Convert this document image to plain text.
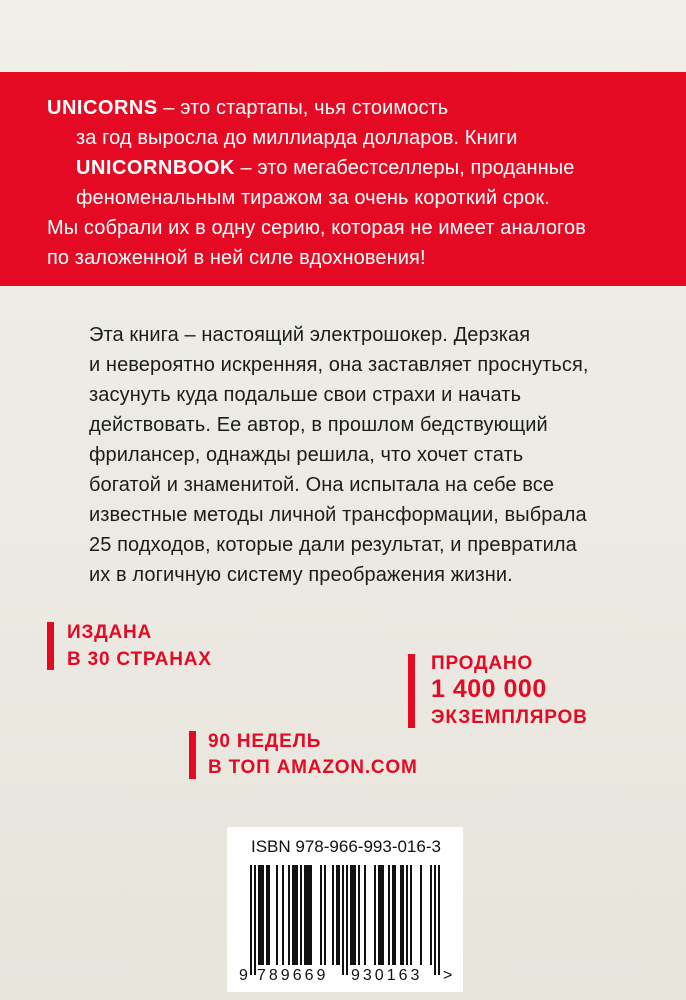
UNICORNS – это стартапы, чья стоимость
за год выросла до миллиарда долларов. Книги
UNICORNBOOK – это мегабестселлеры, проданные
феноменальным тиражом за очень короткий срок.
Мы собрали их в одну серию, которая не имеет аналогов
по заложенной в ней силе вдохновения!
Эта книга – настоящий электрошокер. Дерзкая
и невероятно искренняя, она заставляет проснуться,
засунуть куда подальше свои страхи и начать
действовать. Ее автор, в прошлом бедствующий
фрилансер, однажды решила, что хочет стать
богатой и знаменитой. Она испытала на себе все
известные методы личной трансформации, выбрала
25 подходов, которые дали результат, и превратила
их в логичную систему преображения жизни.
ИЗДАНА
В 30 СТРАНАХ	ПРОДАНО
1 400 000
ЭКЗЕМПЛЯРОВ
90 НЕДЕЛЬ
В ТОП AMAZON.COM
ISBN 978-966-993-016-3
9 789669 930163 >
